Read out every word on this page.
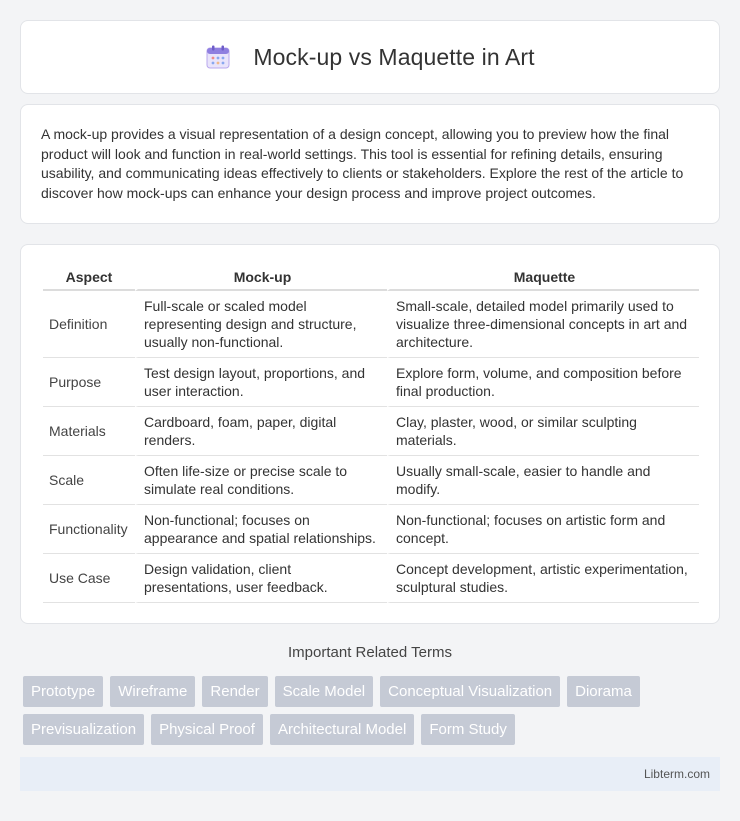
Mock-up vs Maquette in Art

A mock-up provides a visual representation of a design concept, allowing you to preview how the final product will look and function in real-world settings. This tool is essential for refining details, ensuring usability, and communicating ideas effectively to clients or stakeholders. Explore the rest of the article to discover how mock-ups can enhance your design process and improve project outcomes.

Aspect	Mock-up	Maquette
Definition	Full-scale or scaled model representing design and structure, usually non-functional.	Small-scale, detailed model primarily used to visualize three-dimensional concepts in art and architecture.
Purpose	Test design layout, proportions, and user interaction.	Explore form, volume, and composition before final production.
Materials	Cardboard, foam, paper, digital renders.	Clay, plaster, wood, or similar sculpting materials.
Scale	Often life-size or precise scale to simulate real conditions.	Usually small-scale, easier to handle and modify.
Functionality	Non-functional; focuses on appearance and spatial relationships.	Non-functional; focuses on artistic form and concept.
Use Case	Design validation, client presentations, user feedback.	Concept development, artistic experimentation, sculptural studies.
Important Related Terms
Prototype	Wireframe	Render	Scale Model	Conceptual Visualization	Diorama
Previsualization	Physical Proof	Architectural Model	Form Study
Libterm.com
